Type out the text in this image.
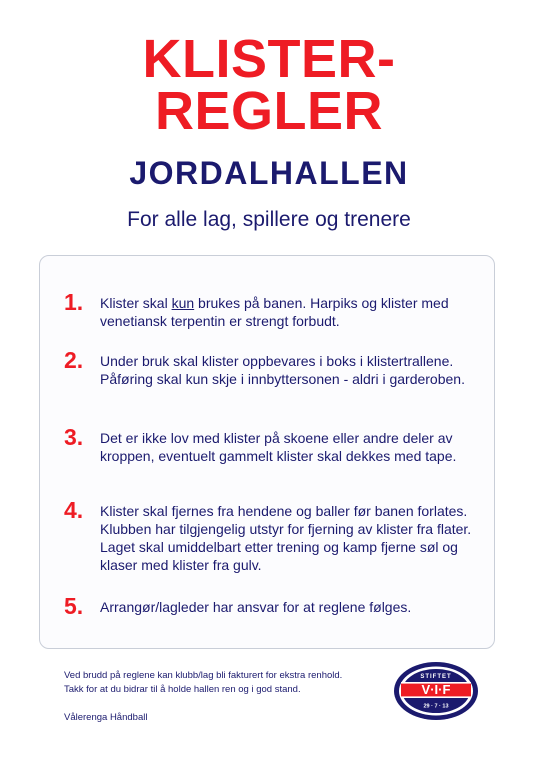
KLISTER-
REGLER
JORDALHALLEN
For alle lag, spillere og trenere
1. Klister skal kun brukes på banen. Harpiks og klister med venetiansk terpentin er strengt forbudt.
2. Under bruk skal klister oppbevares i boks i klistertrallene. Påføring skal kun skje i innbyttersonen - aldri i garderoben.
3. Det er ikke lov med klister på skoene eller andre deler av kroppen, eventuelt gammelt klister skal dekkes med tape.
4. Klister skal fjernes fra hendene og baller før banen forlates. Klubben har tilgjengelig utstyr for fjerning av klister fra flater. Laget skal umiddelbart etter trening og kamp fjerne søl og klaser med klister fra gulv.
5. Arrangør/lagleder har ansvar for at reglene følges.
Ved brudd på reglene kan klubb/lag bli fakturert for ekstra renhold.
Takk for at du bidrar til å holde hallen ren og i god stand.
Vålerenga Håndball
STIFTET
V·I·F
29 · 7 · 13
